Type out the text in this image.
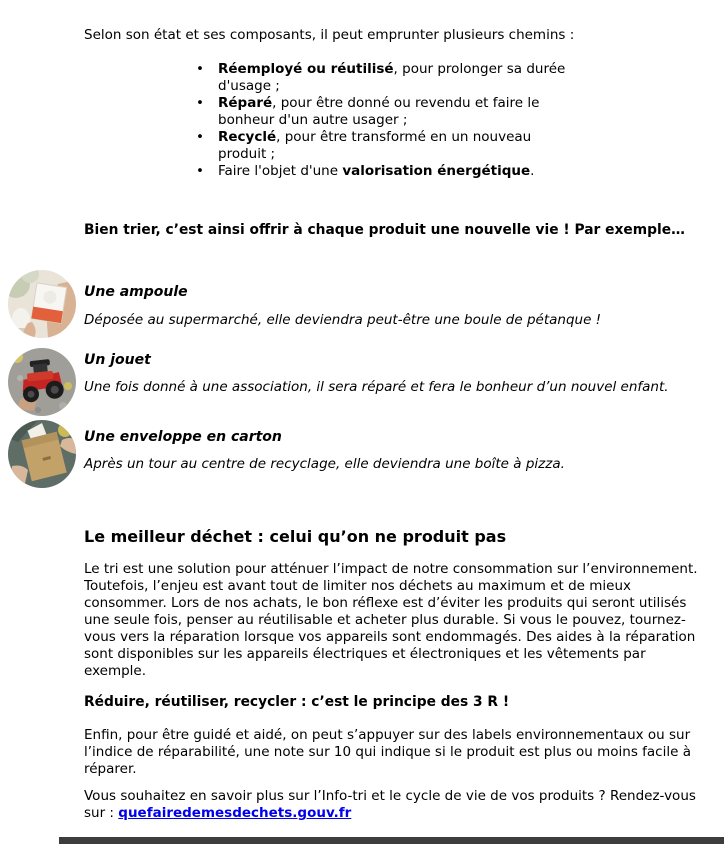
Selon son état et ses composants, il peut emprunter plusieurs chemins :

• Réemployé ou réutilisé, pour prolonger sa durée d'usage ;
• Réparé, pour être donné ou revendu et faire le bonheur d'un autre usager ;
• Recyclé, pour être transformé en un nouveau produit ;
• Faire l'objet d'une valorisation énergétique.

Bien trier, c’est ainsi offrir à chaque produit une nouvelle vie ! Par exemple…

Une ampoule

Déposée au supermarché, elle deviendra peut-être une boule de pétanque !

Un jouet

Une fois donné à une association, il sera réparé et fera le bonheur d’un nouvel enfant.

Une enveloppe en carton

Après un tour au centre de recyclage, elle deviendra une boîte à pizza.

Le meilleur déchet : celui qu’on ne produit pas

Le tri est une solution pour atténuer l’impact de notre consommation sur l’environnement. Toutefois, l’enjeu est avant tout de limiter nos déchets au maximum et de mieux consommer. Lors de nos achats, le bon réflexe est d’éviter les produits qui seront utilisés une seule fois, penser au réutilisable et acheter plus durable. Si vous le pouvez, tournez-vous vers la réparation lorsque vos appareils sont endommagés. Des aides à la réparation sont disponibles sur les appareils électriques et électroniques et les vêtements par exemple.

Réduire, réutiliser, recycler : c’est le principe des 3 R !

Enfin, pour être guidé et aidé, on peut s’appuyer sur des labels environnementaux ou sur l’indice de réparabilité, une note sur 10 qui indique si le produit est plus ou moins facile à réparer.

Vous souhaitez en savoir plus sur l’Info-tri et le cycle de vie de vos produits ? Rendez-vous sur : quefairedemesdechets.gouv.fr
